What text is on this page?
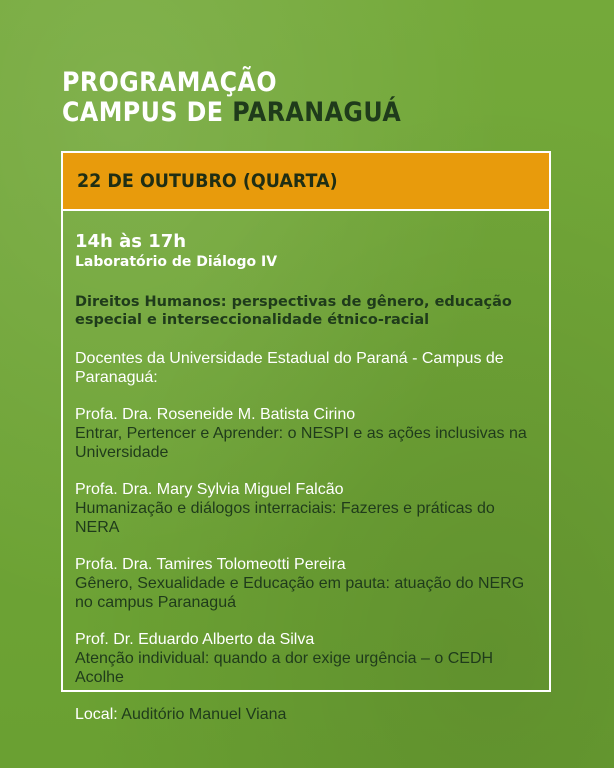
PROGRAMAÇÃO
CAMPUS DE PARANAGUÁ
22 DE OUTUBRO (QUARTA)
14h às 17h
Laboratório de Diálogo IV
Direitos Humanos: perspectivas de gênero, educação especial e interseccionalidade étnico-racial
Docentes da Universidade Estadual do Paraná - Campus de Paranaguá:
Profa. Dra. Roseneide M. Batista Cirino
Entrar, Pertencer e Aprender: o NESPI e as ações inclusivas na Universidade
Profa. Dra. Mary Sylvia Miguel Falcão
Humanização e diálogos interraciais: Fazeres e práticas do NERA
Profa. Dra. Tamires Tolomeotti Pereira
Gênero, Sexualidade e Educação em pauta: atuação do NERG no campus Paranaguá
Prof. Dr. Eduardo Alberto da Silva
Atenção individual: quando a dor exige urgência – o CEDH Acolhe
Local: Auditório Manuel Viana
